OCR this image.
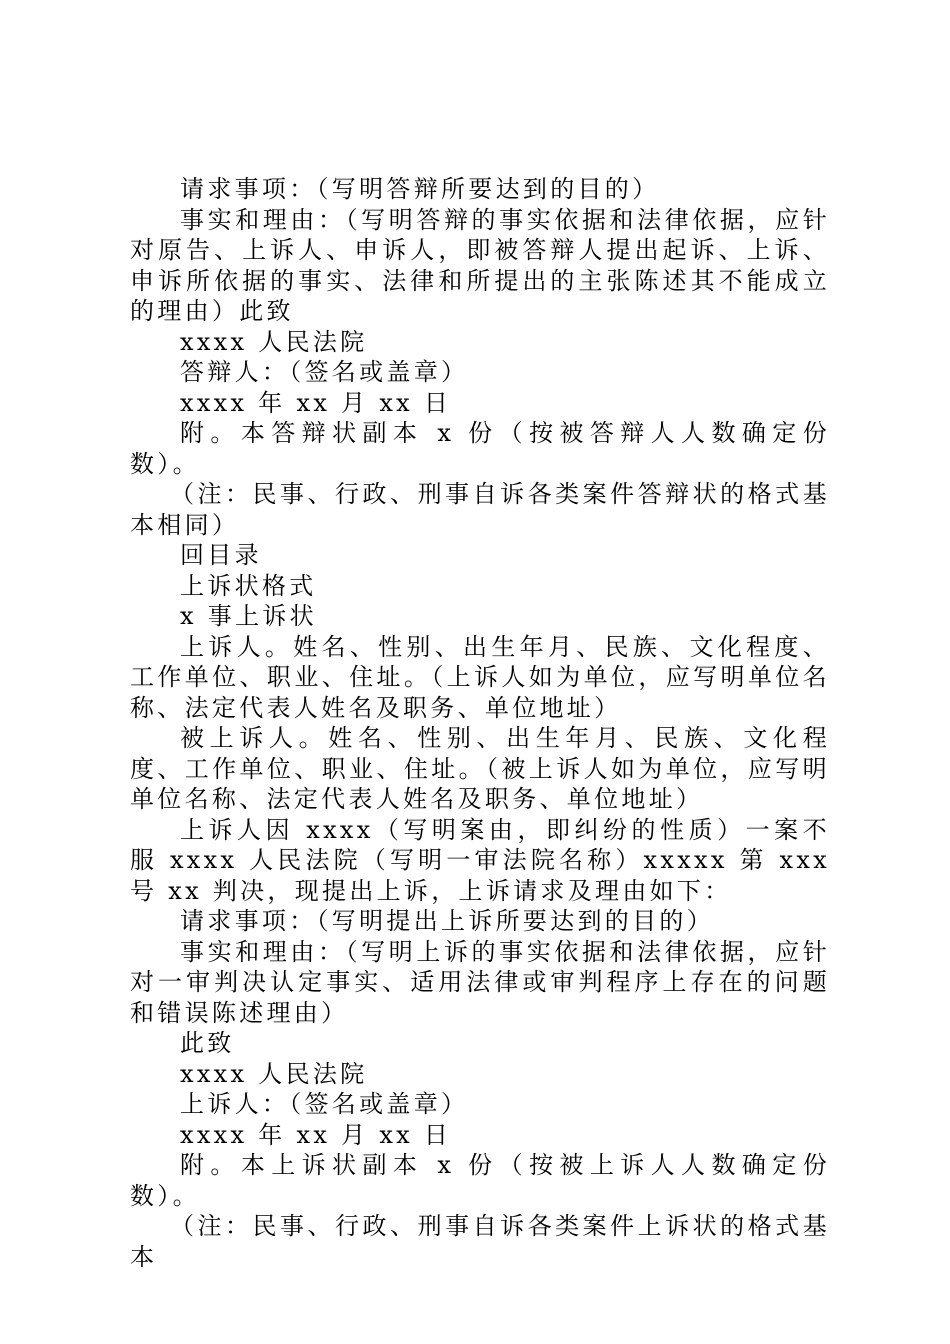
请求事项：（写明答辩所要达到的目的）

事实和理由：（写明答辩的事实依据和法律依据，应针对原告、上诉人、申诉人，即被答辩人提出起诉、上诉、申诉所依据的事实、法律和所提出的主张陈述其不能成立的理由）此致

xxxx 人民法院

答辩人：（签名或盖章）

xxxx 年 xx 月 xx 日

附。本答辩状副本 x 份（按被答辩人人数确定份数）。

（注：民事、行政、刑事自诉各类案件答辩状的格式基本相同）

回目录

上诉状格式

x 事上诉状

上诉人。姓名、性别、出生年月、民族、文化程度、工作单位、职业、住址。（上诉人如为单位，应写明单位名称、法定代表人姓名及职务、单位地址）

被上诉人。姓名、性别、出生年月、民族、文化程度、工作单位、职业、住址。（被上诉人如为单位，应写明单位名称、法定代表人姓名及职务、单位地址）

上诉人因 xxxx（写明案由，即纠纷的性质）一案不服 xxxx 人民法院（写明一审法院名称）xxxxx 第 xxx 号 xx 判决，现提出上诉，上诉请求及理由如下：

请求事项：（写明提出上诉所要达到的目的）

事实和理由：（写明上诉的事实依据和法律依据，应针对一审判决认定事实、适用法律或审判程序上存在的问题和错误陈述理由）

此致

xxxx 人民法院

上诉人：（签名或盖章）

xxxx 年 xx 月 xx 日

附。本上诉状副本 x 份（按被上诉人人数确定份数）。

（注：民事、行政、刑事自诉各类案件上诉状的格式基本
